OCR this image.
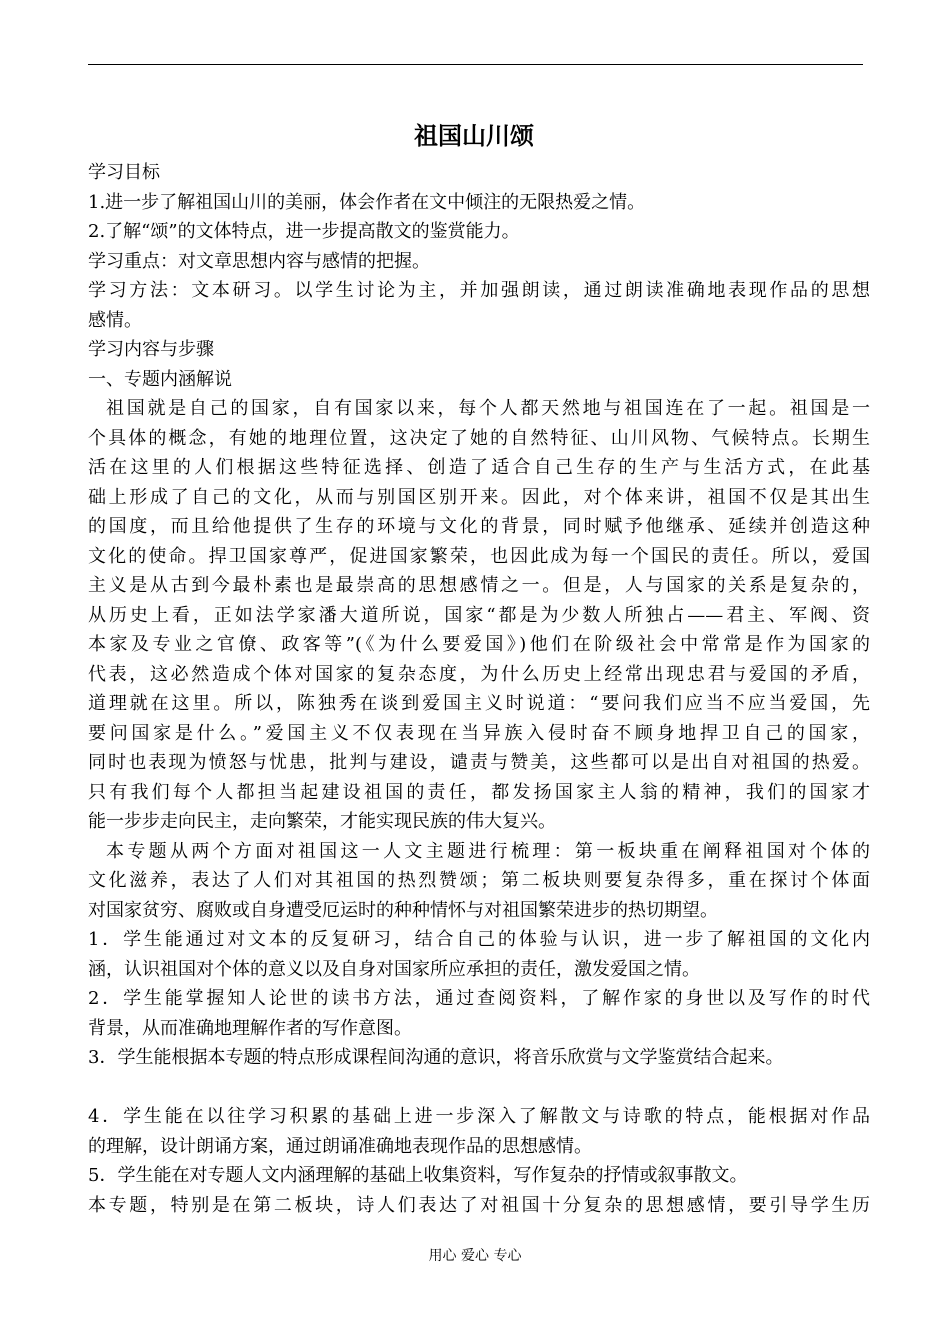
祖国山川颂
学习目标
1.进一步了解祖国山川的美丽，体会作者在文中倾注的无限热爱之情。
2.了解“颂”的文体特点，进一步提高散文的鉴赏能力。
学习重点：对文章思想内容与感情的把握。
学习方法：文本研习。以学生讨论为主，并加强朗读，通过朗读准确地表现作品的思想
感情。
学习内容与步骤
一、专题内涵解说
祖国就是自己的国家，自有国家以来，每个人都天然地与祖国连在了一起。祖国是一
个具体的概念，有她的地理位置，这决定了她的自然特征、山川风物、气候特点。长期生
活在这里的人们根据这些特征选择、创造了适合自己生存的生产与生活方式，在此基
础上形成了自己的文化，从而与别国区别开来。因此，对个体来讲，祖国不仅是其出生
的国度，而且给他提供了生存的环境与文化的背景，同时赋予他继承、延续并创造这种
文化的使命。捍卫国家尊严，促进国家繁荣，也因此成为每一个国民的责任。所以，爱国
主义是从古到今最朴素也是最崇高的思想感情之一。但是，人与国家的关系是复杂的，
从历史上看，正如法学家潘大道所说，国家“都是为少数人所独占——君主、军阀、资
本家及专业之官僚、政客等”(《为什么要爱国》)他们在阶级社会中常常是作为国家的
代表，这必然造成个体对国家的复杂态度，为什么历史上经常出现忠君与爱国的矛盾，
道理就在这里。所以，陈独秀在谈到爱国主义时说道：“要问我们应当不应当爱国，先
要问国家是什么。”爱国主义不仅表现在当异族入侵时奋不顾身地捍卫自己的国家，
同时也表现为愤怒与忧患，批判与建设，谴责与赞美，这些都可以是出自对祖国的热爱。
只有我们每个人都担当起建设祖国的责任，都发扬国家主人翁的精神，我们的国家才
能一步步走向民主，走向繁荣，才能实现民族的伟大复兴。
本专题从两个方面对祖国这一人文主题进行梳理：第一板块重在阐释祖国对个体的
文化滋养，表达了人们对其祖国的热烈赞颂；第二板块则要复杂得多，重在探讨个体面
对国家贫穷、腐败或自身遭受厄运时的种种情怀与对祖国繁荣进步的热切期望。
1．学生能通过对文本的反复研习，结合自己的体验与认识，进一步了解祖国的文化内
涵，认识祖国对个体的意义以及自身对国家所应承担的责任，激发爱国之情。
2．学生能掌握知人论世的读书方法，通过查阅资料，了解作家的身世以及写作的时代
背景，从而准确地理解作者的写作意图。
3．学生能根据本专题的特点形成课程间沟通的意识，将音乐欣赏与文学鉴赏结合起来。
4．学生能在以往学习积累的基础上进一步深入了解散文与诗歌的特点，能根据对作品
的理解，设计朗诵方案，通过朗诵准确地表现作品的思想感情。
5．学生能在对专题人文内涵理解的基础上收集资料，写作复杂的抒情或叙事散文。
本专题，特别是在第二板块，诗人们表达了对祖国十分复杂的思想感情，要引导学生历
用心 爱心 专心
